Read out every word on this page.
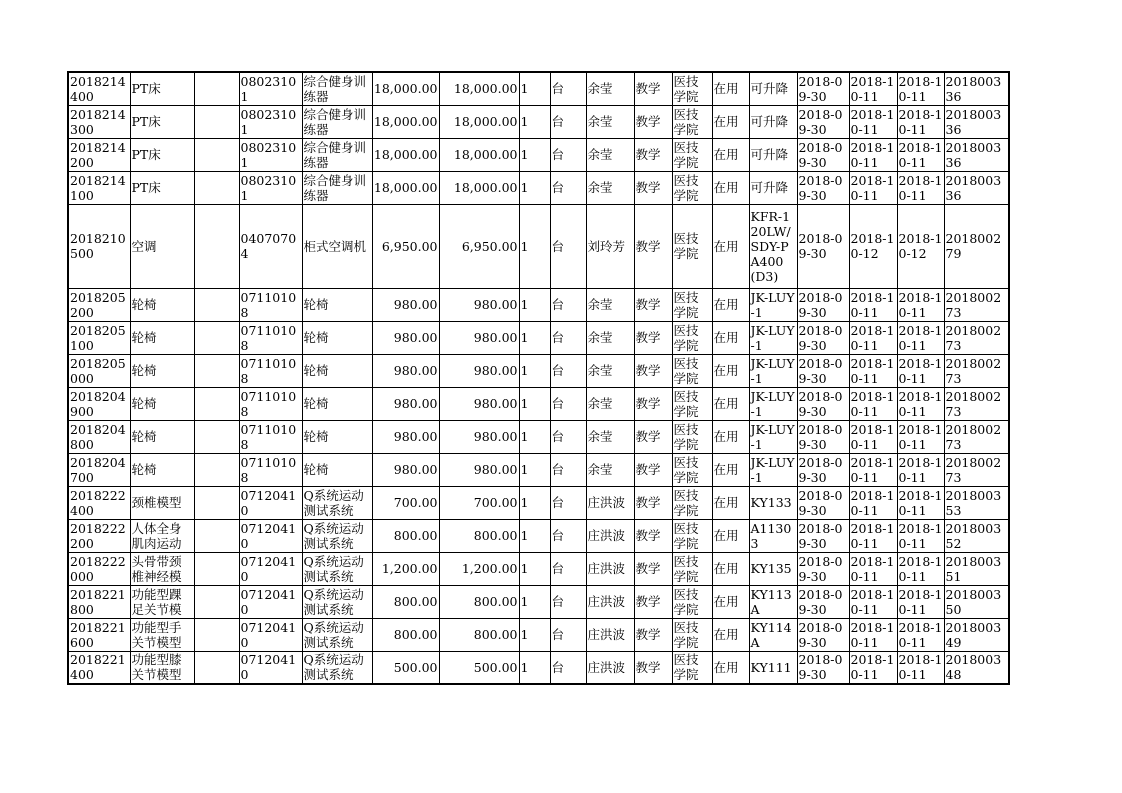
2018214400	PT床		08023101	综合健身训练器	18,000.00	18,000.00	1	台	余莹	教学	医技学院	在用	可升降	2018-09-30	2018-10-11	2018-10-11	201800336
2018214300	PT床		08023101	综合健身训练器	18,000.00	18,000.00	1	台	余莹	教学	医技学院	在用	可升降	2018-09-30	2018-10-11	2018-10-11	201800336
2018214200	PT床		08023101	综合健身训练器	18,000.00	18,000.00	1	台	余莹	教学	医技学院	在用	可升降	2018-09-30	2018-10-11	2018-10-11	201800336
2018214100	PT床		08023101	综合健身训练器	18,000.00	18,000.00	1	台	余莹	教学	医技学院	在用	可升降	2018-09-30	2018-10-11	2018-10-11	201800336
2018210500	空调		04070704	柜式空调机	6,950.00	6,950.00	1	台	刘玲芳	教学	医技学院	在用	KFR-120LW/SDY-PA400(D3)	2018-09-30	2018-10-12	2018-10-12	201800279
2018205200	轮椅		07110108	轮椅	980.00	980.00	1	台	余莹	教学	医技学院	在用	JK-LUY-1	2018-09-30	2018-10-11	2018-10-11	201800273
2018205100	轮椅		07110108	轮椅	980.00	980.00	1	台	余莹	教学	医技学院	在用	JK-LUY-1	2018-09-30	2018-10-11	2018-10-11	201800273
2018205000	轮椅		07110108	轮椅	980.00	980.00	1	台	余莹	教学	医技学院	在用	JK-LUY-1	2018-09-30	2018-10-11	2018-10-11	201800273
2018204900	轮椅		07110108	轮椅	980.00	980.00	1	台	余莹	教学	医技学院	在用	JK-LUY-1	2018-09-30	2018-10-11	2018-10-11	201800273
2018204800	轮椅		07110108	轮椅	980.00	980.00	1	台	余莹	教学	医技学院	在用	JK-LUY-1	2018-09-30	2018-10-11	2018-10-11	201800273
2018204700	轮椅		07110108	轮椅	980.00	980.00	1	台	余莹	教学	医技学院	在用	JK-LUY-1	2018-09-30	2018-10-11	2018-10-11	201800273
2018222400	颈椎模型		07120410	Q系统运动测试系统	700.00	700.00	1	台	庄洪波	教学	医技学院	在用	KY133	2018-09-30	2018-10-11	2018-10-11	201800353
2018222200	人体全身肌肉运动		07120410	Q系统运动测试系统	800.00	800.00	1	台	庄洪波	教学	医技学院	在用	A11303	2018-09-30	2018-10-11	2018-10-11	201800352
2018222000	头骨带颈椎神经模		07120410	Q系统运动测试系统	1,200.00	1,200.00	1	台	庄洪波	教学	医技学院	在用	KY135	2018-09-30	2018-10-11	2018-10-11	201800351
2018221800	功能型踝足关节模		07120410	Q系统运动测试系统	800.00	800.00	1	台	庄洪波	教学	医技学院	在用	KY113A	2018-09-30	2018-10-11	2018-10-11	201800350
2018221600	功能型手关节模型		07120410	Q系统运动测试系统	800.00	800.00	1	台	庄洪波	教学	医技学院	在用	KY114A	2018-09-30	2018-10-11	2018-10-11	201800349
2018221400	功能型膝关节模型		07120410	Q系统运动测试系统	500.00	500.00	1	台	庄洪波	教学	医技学院	在用	KY111	2018-09-30	2018-10-11	2018-10-11	201800348
